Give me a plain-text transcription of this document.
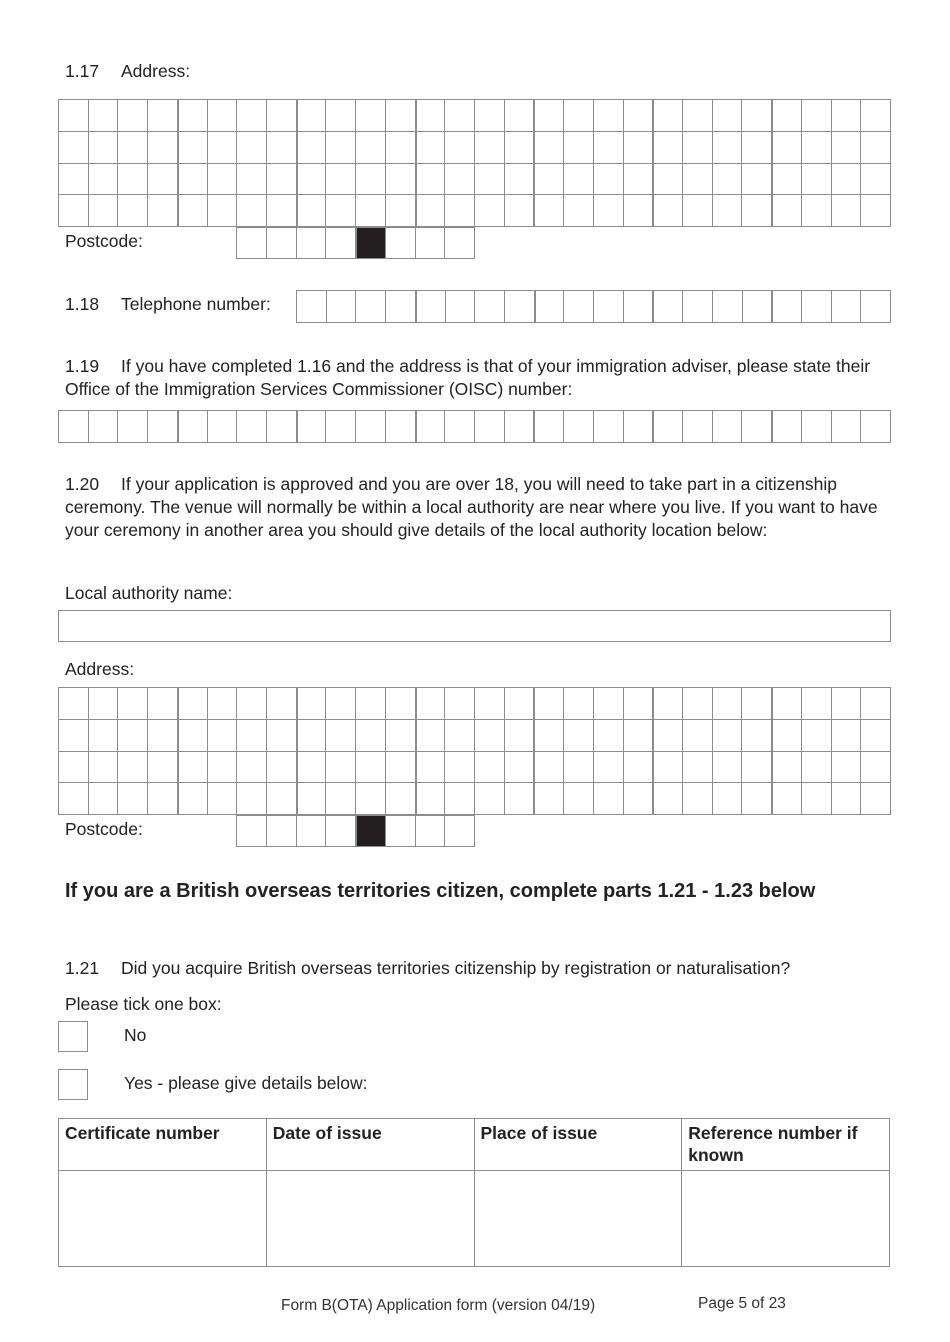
1.17 Address:
Postcode:
1.18 Telephone number:
1.19 If you have completed 1.16 and the address is that of your immigration adviser, please state their Office of the Immigration Services Commissioner (OISC) number:
1.20 If your application is approved and you are over 18, you will need to take part in a citizenship ceremony. The venue will normally be within a local authority are near where you live. If you want to have your ceremony in another area you should give details of the local authority location below:
Local authority name:
Address:
Postcode:
If you are a British overseas territories citizen, complete parts 1.21 - 1.23 below
1.21 Did you acquire British overseas territories citizenship by registration or naturalisation?
Please tick one box:
No
Yes - please give details below:
Certificate number	Date of issue	Place of issue	Reference number if known

Form B(OTA) Application form (version 04/19)	Page 5 of 23
